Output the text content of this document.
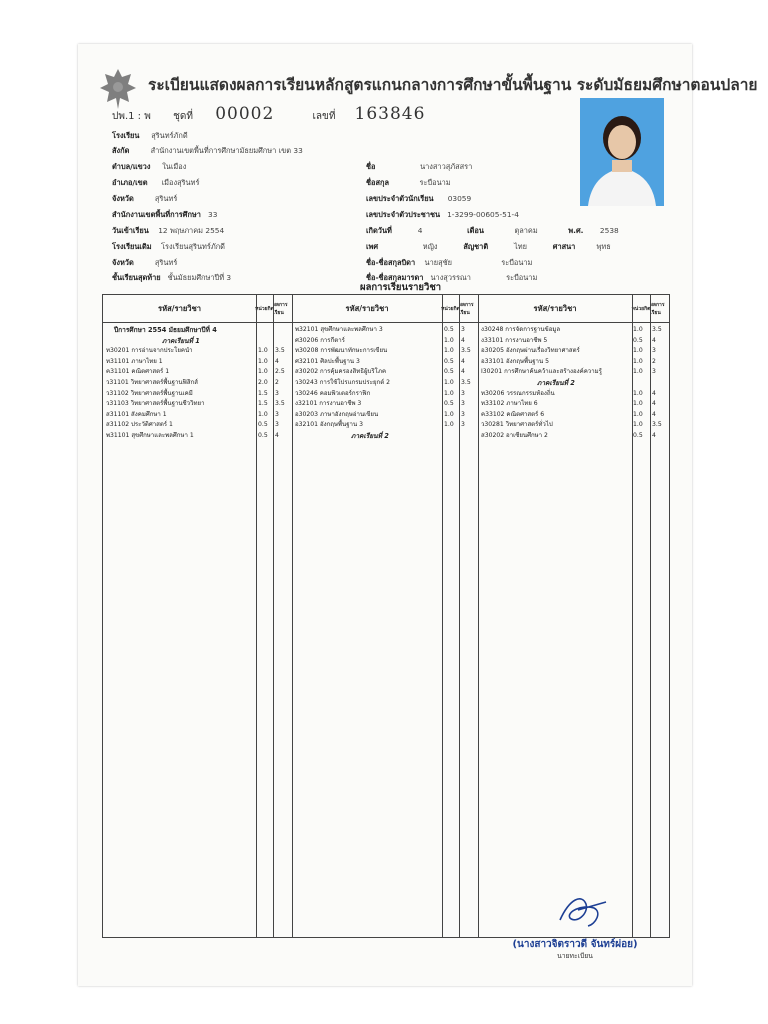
ระเบียนแสดงผลการเรียนหลักสูตรแกนกลางการศึกษาขั้นพื้นฐาน ระดับมัธยมศึกษาตอนปลาย
ปพ.1 : พ ชุดที่ 00002	เลขที่ 163846
โรงเรียน สุรินทร์ภักดี
สังกัด	สำนักงานเขตพื้นที่การศึกษามัธยมศึกษา เขต 33
ตำบล/แขวง ในเมือง
อำเภอ/เขต เมืองสุรินทร์
จังหวัด	สุรินทร์
สำนักงานเขตพื้นที่การศึกษา 33
วันเข้าเรียน 12 พฤษภาคม 2554
โรงเรียนเดิม โรงเรียนสุรินทร์ภักดี
จังหวัด	สุรินทร์
ชั้นเรียนสุดท้าย ชั้นมัธยมศึกษาปีที่ 3
ชื่อ	นางสาวสุภัสสรา
ชื่อสกุล	ระบือนาม
เลขประจำตัวนักเรียน 03059
เลขประจำตัวประชาชน 1-3299-00605-51-4
เกิดวันที่	4	เดือน	ตุลาคม	พ.ศ. 2538
เพศ	หญิง	สัญชาติ	ไทย	ศาสนา	พุทธ
ชื่อ-ชื่อสกุลบิดา นายสุชัย	ระบือนาม
ชื่อ-ชื่อสกุลมารดา นางสุวรรณา	ระบือนาม
ผลการเรียนรายวิชา
รหัส/รายวิชา	หน่วยกิต
ผลการเรียน	รหัส/รายวิชา	หน่วยกิต
ผลการเรียน	รหัส/รายวิชา	หน่วยกิต
ผลการเรียน
ปีการศึกษา 2554 มัธยมศึกษาปีที่ 4
ภาคเรียนที่ 1
ท30201 การอ่านจากประโยคนำ	1.0 3.5
ท31101 ภาษาไทย 1	1.0 4
ค31101 คณิตศาสตร์ 1	1.0 2.5
ว31101 วิทยาศาสตร์พื้นฐานฟิสิกส์	2.0 2
ว31102 วิทยาศาสตร์พื้นฐานเคมี	1.5 3
ว31103 วิทยาศาสตร์พื้นฐานชีววิทยา	1.5 3.5
ส31101 สังคมศึกษา 1	1.0 3
ส31102 ประวัติศาสตร์ 1	0.5 3
พ31101 สุขศึกษาและพลศึกษา 1	0.5 4
พ32101 สุขศึกษาและพลศึกษา 3	0.5 3
ศ30206 การกีตาร์	1.0 4
ท30208 การพัฒนาทักษะการเขียน	1.0 3.5
ศ32101 ศิลปะพื้นฐาน 3	0.5 4
ส30202 การคุ้มครองสิทธิผู้บริโภค	0.5 4
ว30243 การใช้โปรแกรมประยุกต์ 2	1.0 3.5
ว30246 คอมพิวเตอร์กราฟิก	1.0 3
ง32101 การงานอาชีพ 3	0.5 3
อ30203 ภาษาอังกฤษอ่านเขียน	1.0 3
อ32101 อังกฤษพื้นฐาน 3	1.0 3
ภาคเรียนที่ 2
ง30248 การจัดการฐานข้อมูล	1.0 3.5
ง33101 การงานอาชีพ 5	0.5 4
อ30205 อังกฤษผ่านเรื่องวิทยาศาสตร์	1.0 3
อ33101 อังกฤษพื้นฐาน 5	1.0 2
I30201 การศึกษาค้นคว้าและสร้างองค์ความรู้	1.0 3
ภาคเรียนที่ 2
ท30206 วรรณกรรมท้องถิ่น	1.0 4
ท33102 ภาษาไทย 6	1.0 4
ค33102 คณิตศาสตร์ 6	1.0 4
ว30281 วิทยาศาสตร์ทั่วไป	1.0 3.5
ส30202 อาเซียนศึกษา 2	0.5 4
(นางสาวจิตราวดี จันทร์ผ่อย)
นายทะเบียน
